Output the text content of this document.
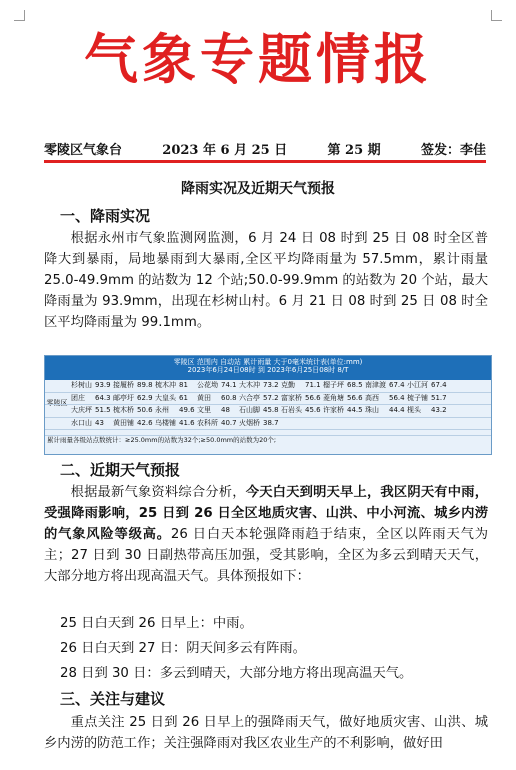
气象专题情报
零陵区气象台	2023 年 6 月 25 日	第 25 期	签发：李佳
降雨实况及近期天气预报
一、降雨实况
根据永州市气象监测网监测，6 月 24 日 08 时到 25 日 08 时全区普降大到暴雨，局地暴雨到大暴雨,全区平均降雨量为 57.5mm，累计雨量 25.0-49.9mm 的站数为 12 个站;50.0-99.9mm 的站数为 20 个站，最大降雨量为 93.9mm，出现在杉树山村。6 月 21 日 08 时到 25 日 08 时全区平均降雨量为 99.1mm。
零陵区 范围内 自动站 累计雨量 大于0毫米统计表(单位:mm)
2023年6月24日08时 到 2023年6月25日08时 8/T
零陵区
杉树山 93.9 接履桥 89.8 梳木冲 81	公花坳 74.1 大木冲 73.2 克勤	71.1 榴子坪 68.5 南津渡 67.4 小江河 67.4
团庄	64.3 邮亭圩 62.9 大皇头 61	黄田	60.8 六合亭 57.2 富家桥 56.6 菱角塘 56.6 高西	56.4 梳子铺 51.7
大庆坪 51.5 梳木桥 50.6 永州	49.6 文里	48	石山脚 45.8 石岩头 45.6 许家桥 44.5 珠山	44.4 枧头	43.2
水口山 43	黄田铺 42.6 乌楼铺 41.6 农科所 40.7 火烟桥 38.7
累计雨量各级站点数统计：≥25.0mm的站数为32个;≥50.0mm的站数为20个;
二、近期天气预报
根据最新气象资料综合分析，今天白天到明天早上，我区阴天有中雨，受强降雨影响，25 日到 26 日全区地质灾害、山洪、中小河流、城乡内涝的气象风险等级高。26 日白天本轮强降雨趋于结束，全区以阵雨天气为主；27 日到 30 日副热带高压加强，受其影响，全区为多云到晴天天气，大部分地方将出现高温天气。具体预报如下：
25 日白天到 26 日早上：中雨。
26 日白天到 27 日：阴天间多云有阵雨。
28 日到 30 日：多云到晴天，大部分地方将出现高温天气。
三、关注与建议
重点关注 25 日到 26 日早上的强降雨天气，做好地质灾害、山洪、城乡内涝的防范工作；关注强降雨对我区农业生产的不利影响，做好田
